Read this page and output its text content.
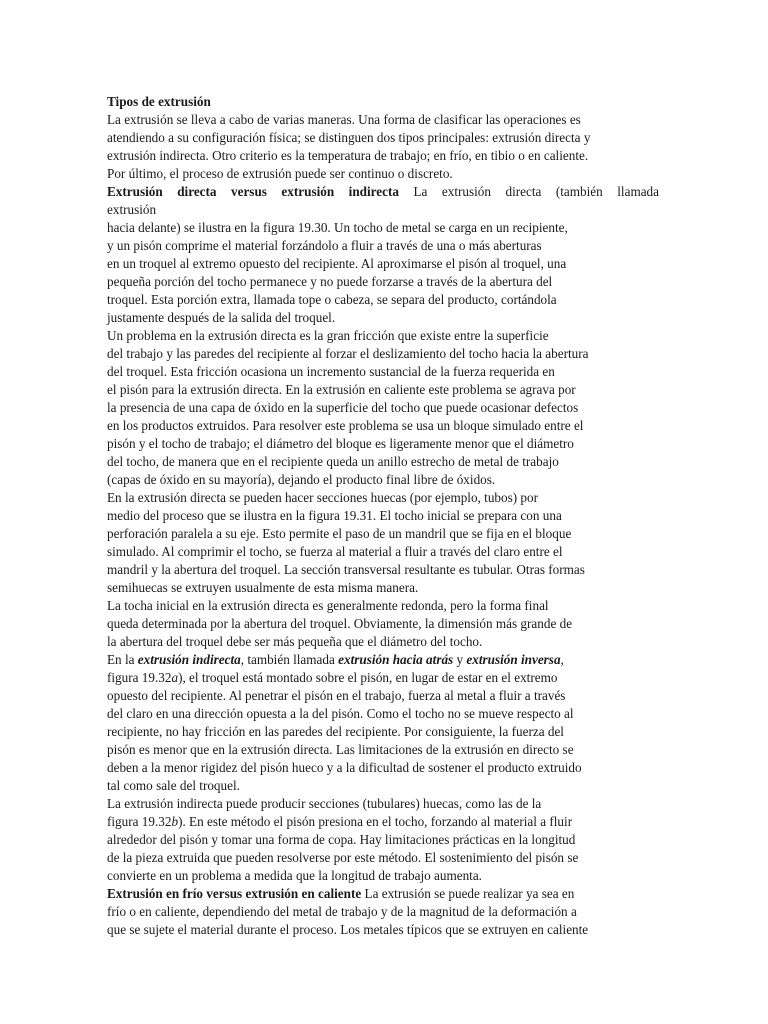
Tipos de extrusión
La extrusión se lleva a cabo de varias maneras. Una forma de clasificar las operaciones es
atendiendo a su configuración física; se distinguen dos tipos principales: extrusión directa y
extrusión indirecta. Otro criterio es la temperatura de trabajo; en frío, en tibio o en caliente.
Por último, el proceso de extrusión puede ser continuo o discreto.
Extrusión directa versus extrusión indirecta La extrusión directa (también llamada
extrusión
hacia delante) se ilustra en la figura 19.30. Un tocho de metal se carga en un recipiente,
y un pisón comprime el material forzándolo a fluir a través de una o más aberturas
en un troquel al extremo opuesto del recipiente. Al aproximarse el pisón al troquel, una
pequeña porción del tocho permanece y no puede forzarse a través de la abertura del
troquel. Esta porción extra, llamada tope o cabeza, se separa del producto, cortándola
justamente después de la salida del troquel.
Un problema en la extrusión directa es la gran fricción que existe entre la superficie
del trabajo y las paredes del recipiente al forzar el deslizamiento del tocho hacia la abertura
del troquel. Esta fricción ocasiona un incremento sustancial de la fuerza requerida en
el pisón para la extrusión directa. En la extrusión en caliente este problema se agrava por
la presencia de una capa de óxido en la superficie del tocho que puede ocasionar defectos
en los productos extruidos. Para resolver este problema se usa un bloque simulado entre el
pisón y el tocho de trabajo; el diámetro del bloque es ligeramente menor que el diámetro
del tocho, de manera que en el recipiente queda un anillo estrecho de metal de trabajo
(capas de óxido en su mayoría), dejando el producto final libre de óxidos.
En la extrusión directa se pueden hacer secciones huecas (por ejemplo, tubos) por
medio del proceso que se ilustra en la figura 19.31. El tocho inicial se prepara con una
perforación paralela a su eje. Esto permite el paso de un mandril que se fija en el bloque
simulado. Al comprimir el tocho, se fuerza al material a fluir a través del claro entre el
mandril y la abertura del troquel. La sección transversal resultante es tubular. Otras formas
semihuecas se extruyen usualmente de esta misma manera.
La tocha inicial en la extrusión directa es generalmente redonda, pero la forma final
queda determinada por la abertura del troquel. Obviamente, la dimensión más grande de
la abertura del troquel debe ser más pequeña que el diámetro del tocho.
En la extrusión indirecta, también llamada extrusión hacia atrás y extrusión inversa,
figura 19.32a), el troquel está montado sobre el pisón, en lugar de estar en el extremo
opuesto del recipiente. Al penetrar el pisón en el trabajo, fuerza al metal a fluir a través
del claro en una dirección opuesta a la del pisón. Como el tocho no se mueve respecto al
recipiente, no hay fricción en las paredes del recipiente. Por consiguiente, la fuerza del
pisón es menor que en la extrusión directa. Las limitaciones de la extrusión en directo se
deben a la menor rigidez del pisón hueco y a la dificultad de sostener el producto extruido
tal como sale del troquel.
La extrusión indirecta puede producir secciones (tubulares) huecas, como las de la
figura 19.32b). En este método el pisón presiona en el tocho, forzando al material a fluir
alrededor del pisón y tomar una forma de copa. Hay limitaciones prácticas en la longitud
de la pieza extruida que pueden resolverse por este método. El sostenimiento del pisón se
convierte en un problema a medida que la longitud de trabajo aumenta.
Extrusión en frío versus extrusión en caliente La extrusión se puede realizar ya sea en
frío o en caliente, dependiendo del metal de trabajo y de la magnitud de la deformación a
que se sujete el material durante el proceso. Los metales típicos que se extruyen en caliente
